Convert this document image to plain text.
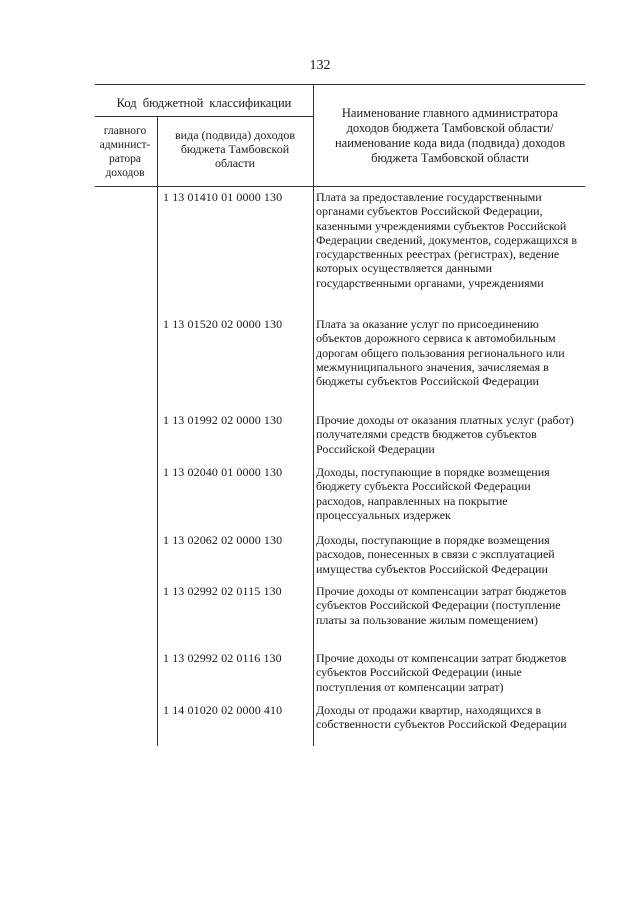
132
Код бюджетной классификации
главного админист-ратора доходов
вида (подвида) доходов бюджета Тамбовской области
Наименование главного администратора доходов бюджета Тамбовской области/наименование кода вида (подвида) доходов бюджета Тамбовской области
1 13 01410 01 0000 130	Плата за предоставление государственными органами субъектов Российской Федерации, казенными учреждениями субъектов Российской Федерации сведений, документов, содержащихся в государственных реестрах (регистрах), ведение которых осуществляется данными государственными органами, учреждениями
1 13 01520 02 0000 130	Плата за оказание услуг по присоединению объектов дорожного сервиса к автомобильным дорогам общего пользования регионального или межмуниципального значения, зачисляемая в бюджеты субъектов Российской Федерации
1 13 01992 02 0000 130	Прочие доходы от оказания платных услуг (работ) получателями средств бюджетов субъектов Российской Федерации
1 13 02040 01 0000 130	Доходы, поступающие в порядке возмещения бюджету субъекта Российской Федерации расходов, направленных на покрытие процессуальных издержек
1 13 02062 02 0000 130	Доходы, поступающие в порядке возмещения расходов, понесенных в связи с эксплуатацией имущества субъектов Российской Федерации
1 13 02992 02 0115 130	Прочие доходы от компенсации затрат бюджетов субъектов Российской Федерации (поступление платы за пользование жилым помещением)
1 13 02992 02 0116 130	Прочие доходы от компенсации затрат бюджетов субъектов Российской Федерации (иные поступления от компенсации затрат)
1 14 01020 02 0000 410	Доходы от продажи квартир, находящихся в собственности субъектов Российской Федерации
